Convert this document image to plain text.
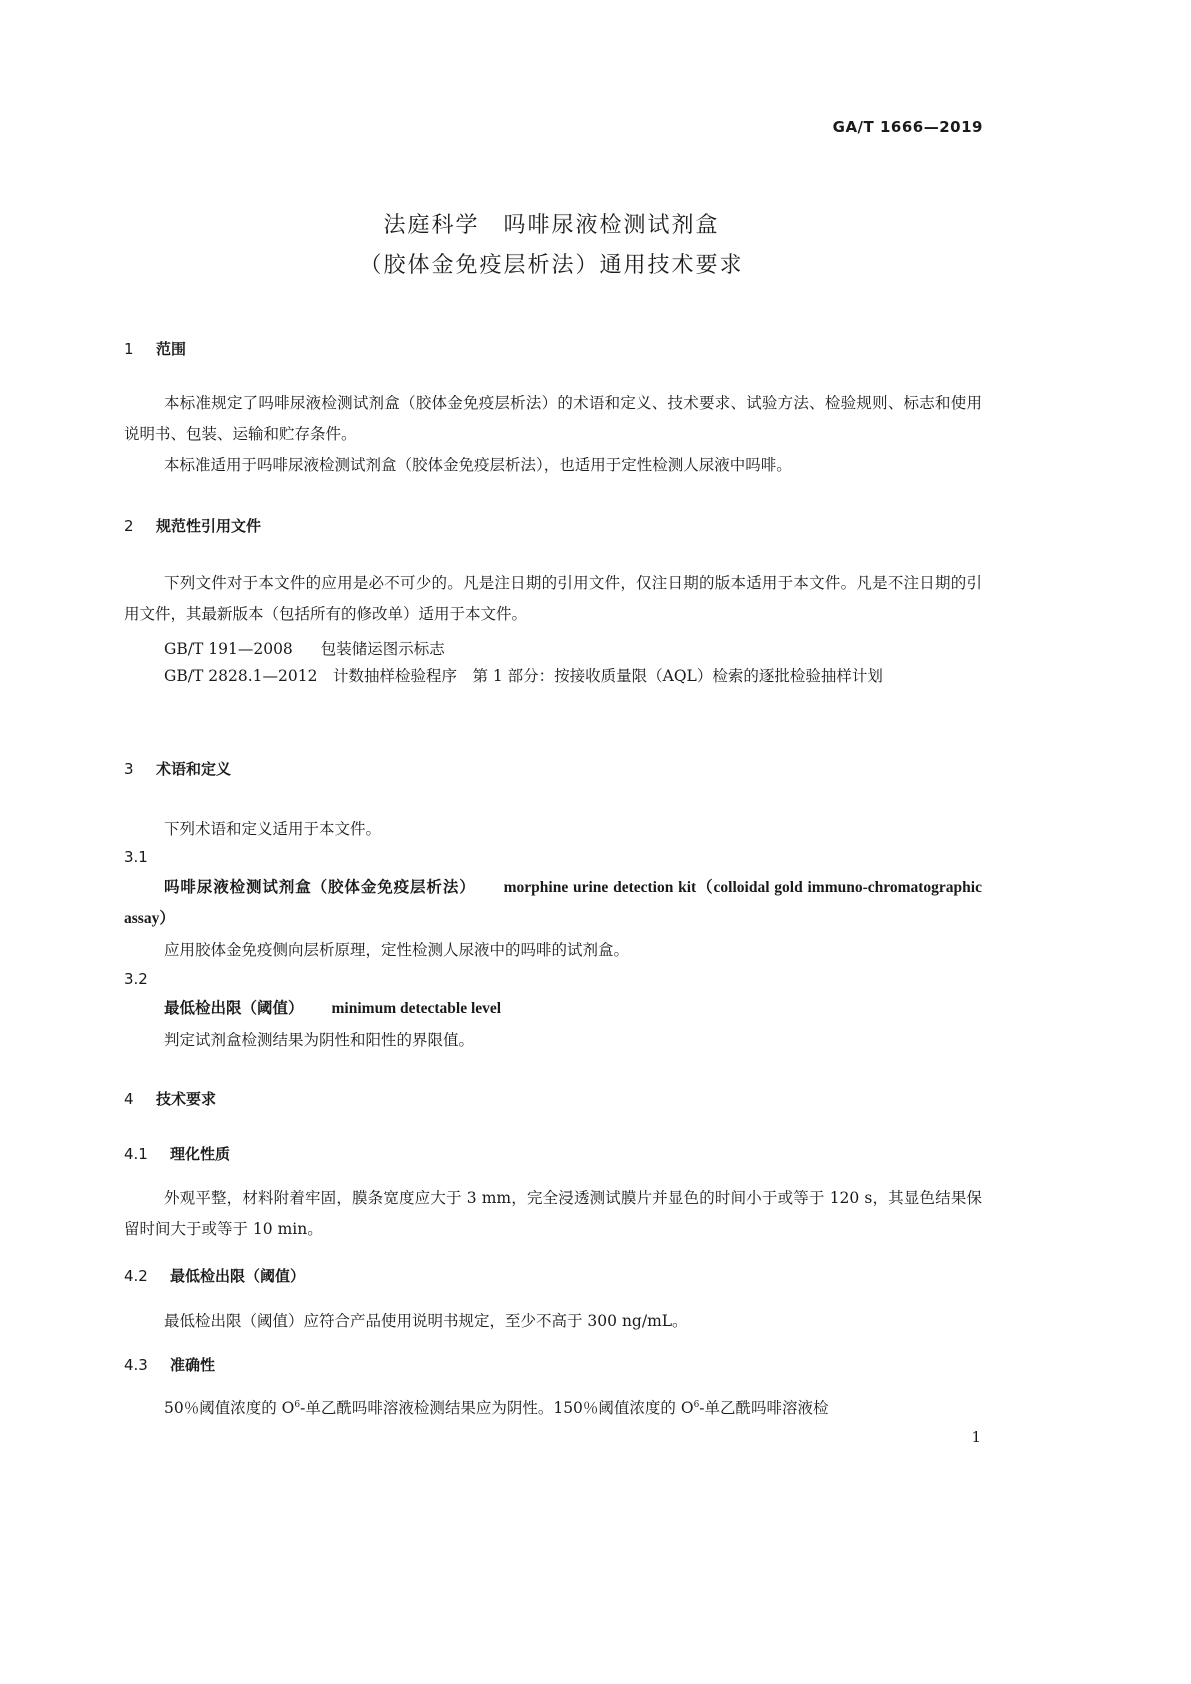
GA/T 1666—2019
法庭科学　吗啡尿液检测试剂盒
（胶体金免疫层析法）通用技术要求
1 范围
本标准规定了吗啡尿液检测试剂盒（胶体金免疫层析法）的术语和定义、技术要求、试验方法、检验规则、标志和使用说明书、包装、运输和贮存条件。
本标准适用于吗啡尿液检测试剂盒（胶体金免疫层析法），也适用于定性检测人尿液中吗啡。
2 规范性引用文件
下列文件对于本文件的应用是必不可少的。凡是注日期的引用文件，仅注日期的版本适用于本文件。凡是不注日期的引用文件，其最新版本（包括所有的修改单）适用于本文件。
GB/T 191—2008 包装储运图示标志
GB/T 2828.1—2012　计数抽样检验程序　第 1 部分：按接收质量限（AQL）检索的逐批检验抽样计划
3 术语和定义
下列术语和定义适用于本文件。
3.1
吗啡尿液检测试剂盒（胶体金免疫层析法） morphine urine detection kit（colloidal gold immuno-chromatographic assay）
应用胶体金免疫侧向层析原理，定性检测人尿液中的吗啡的试剂盒。
3.2
最低检出限（阈值） minimum detectable level
判定试剂盒检测结果为阴性和阳性的界限值。
4 技术要求
4.1 理化性质
外观平整，材料附着牢固，膜条宽度应大于 3 mm，完全浸透测试膜片并显色的时间小于或等于 120 s，其显色结果保留时间大于或等于 10 min。
4.2 最低检出限（阈值）
最低检出限（阈值）应符合产品使用说明书规定，至少不高于 300 ng/mL。
4.3 准确性
50％阈值浓度的 $O^6-$单乙酰吗啡溶液检测结果应为阴性。150％阈值浓度的 $O^6-$单乙酰吗啡溶液检
1
